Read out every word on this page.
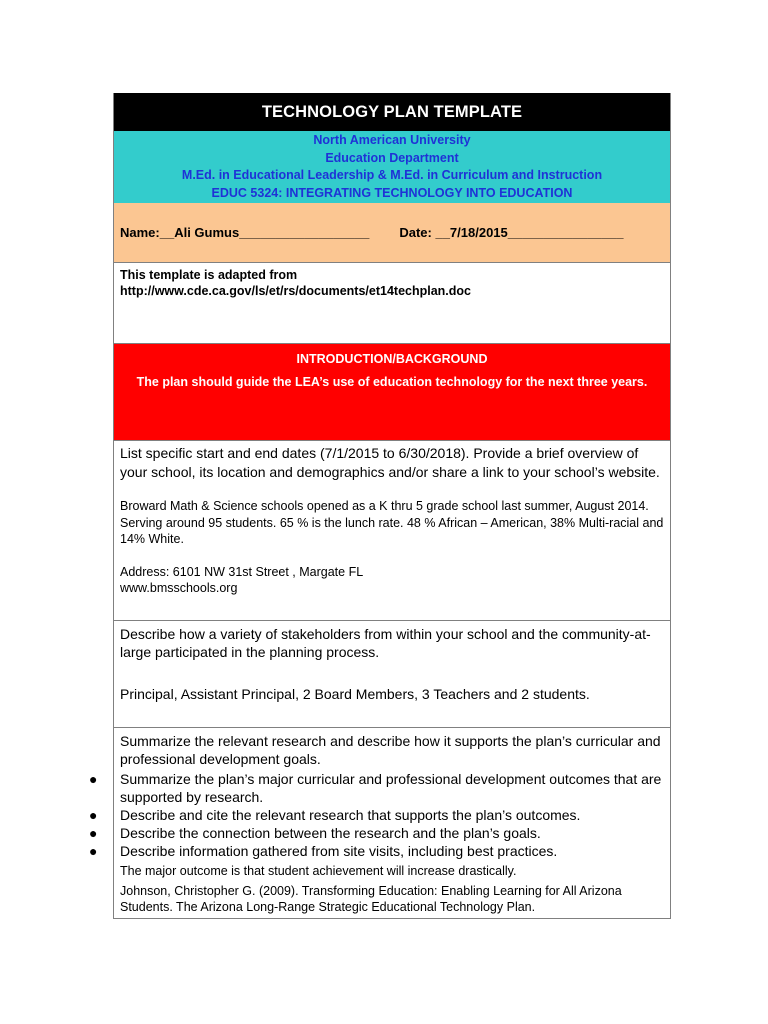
TECHNOLOGY PLAN TEMPLATE
North American University
Education Department
M.Ed. in Educational Leadership & M.Ed. in Curriculum and Instruction
EDUC 5324: INTEGRATING TECHNOLOGY INTO EDUCATION
Name:__Ali Gumus__________________ Date: __7/18/2015________________
This template is adapted from
http://www.cde.ca.gov/ls/et/rs/documents/et14techplan.doc
INTRODUCTION/BACKGROUND
The plan should guide the LEA’s use of education technology for the next three years.
List specific start and end dates (7/1/2015 to 6/30/2018). Provide a brief overview of your school, its location and demographics and/or share a link to your school’s website.
Broward Math & Science schools opened as a K thru 5 grade school last summer, August 2014. Serving around 95 students. 65 % is the lunch rate. 48 % African – American, 38% Multi-racial and 14% White.
Address: 6101 NW 31st Street , Margate FL
www.bmsschools.org
Describe how a variety of stakeholders from within your school and the community-at-large participated in the planning process.
Principal, Assistant Principal, 2 Board Members, 3 Teachers and 2 students.
Summarize the relevant research and describe how it supports the plan’s curricular and professional development goals.
● Summarize the plan’s major curricular and professional development outcomes that are supported by research.
● Describe and cite the relevant research that supports the plan’s outcomes.
● Describe the connection between the research and the plan’s goals.
● Describe information gathered from site visits, including best practices.
The major outcome is that student achievement will increase drastically.
Johnson, Christopher G. (2009). Transforming Education: Enabling Learning for All Arizona Students. The Arizona Long-Range Strategic Educational Technology Plan.
